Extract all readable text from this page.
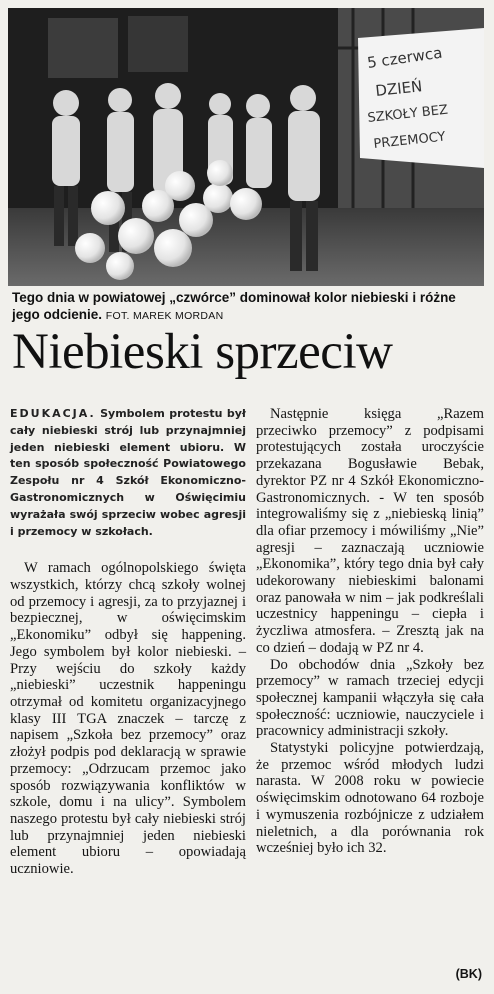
5 czerwca
DZIEŃ
SZKOŁY BEZ
PRZEMOCY
Tego dnia w powiatowej „czwórce” dominował kolor niebieski i różne jego odcienie. FOT. MAREK MORDAN
Niebieski sprzeciw

EDUKACJA. Symbolem protestu był cały niebieski strój lub przynajmniej jeden niebieski element ubioru. W ten sposób społeczność Powiatowego Zespołu nr 4 Szkół Ekonomiczno-Gastronomicznych w Oświęcimiu wyrażała swój sprzeciw wobec agresji i przemocy w szkołach.

W ramach ogólnopolskiego święta wszystkich, którzy chcą szkoły wolnej od przemocy i agresji, za to przyjaznej i bezpiecznej, w oświęcimskim „Ekonomiku” odbył się happening. Jego symbolem był kolor niebieski. – Przy wejściu do szkoły każdy „niebieski” uczestnik happeningu otrzymał od komitetu organizacyjnego klasy III TGA znaczek – tarczę z napisem „Szkoła bez przemocy” oraz złożył podpis pod deklaracją w sprawie przemocy: „Odrzucam przemoc jako sposób rozwiązywania konfliktów w szkole, domu i na ulicy”. Symbolem naszego protestu był cały niebieski strój lub przynajmniej jeden niebieski element ubioru – opowiadają uczniowie.

Następnie księga „Razem przeciwko przemocy” z podpisami protestujących została uroczyście przekazana Bogusławie Bebak, dyrektor PZ nr 4 Szkół Ekonomiczno-Gastronomicznych. - W ten sposób integrowaliśmy się z „niebieską linią” dla ofiar przemocy i mówiliśmy „Nie” agresji – zaznaczają uczniowie „Ekonomika”, który tego dnia był cały udekorowany niebieskimi balonami oraz panowała w nim – jak podkreślali uczestnicy happeningu – ciepła i życzliwa atmosfera. – Zresztą jak na co dzień – dodają w PZ nr 4.

Do obchodów dnia „Szkoły bez przemocy” w ramach trzeciej edycji społecznej kampanii włączyła się cała społeczność: uczniowie, nauczyciele i pracownicy administracji szkoły.

Statystyki policyjne potwierdzają, że przemoc wśród młodych ludzi narasta. W 2008 roku w powiecie oświęcimskim odnotowano 64 rozboje i wymuszenia rozbójnicze z udziałem nieletnich, a dla porównania rok wcześniej było ich 32.

(BK)
